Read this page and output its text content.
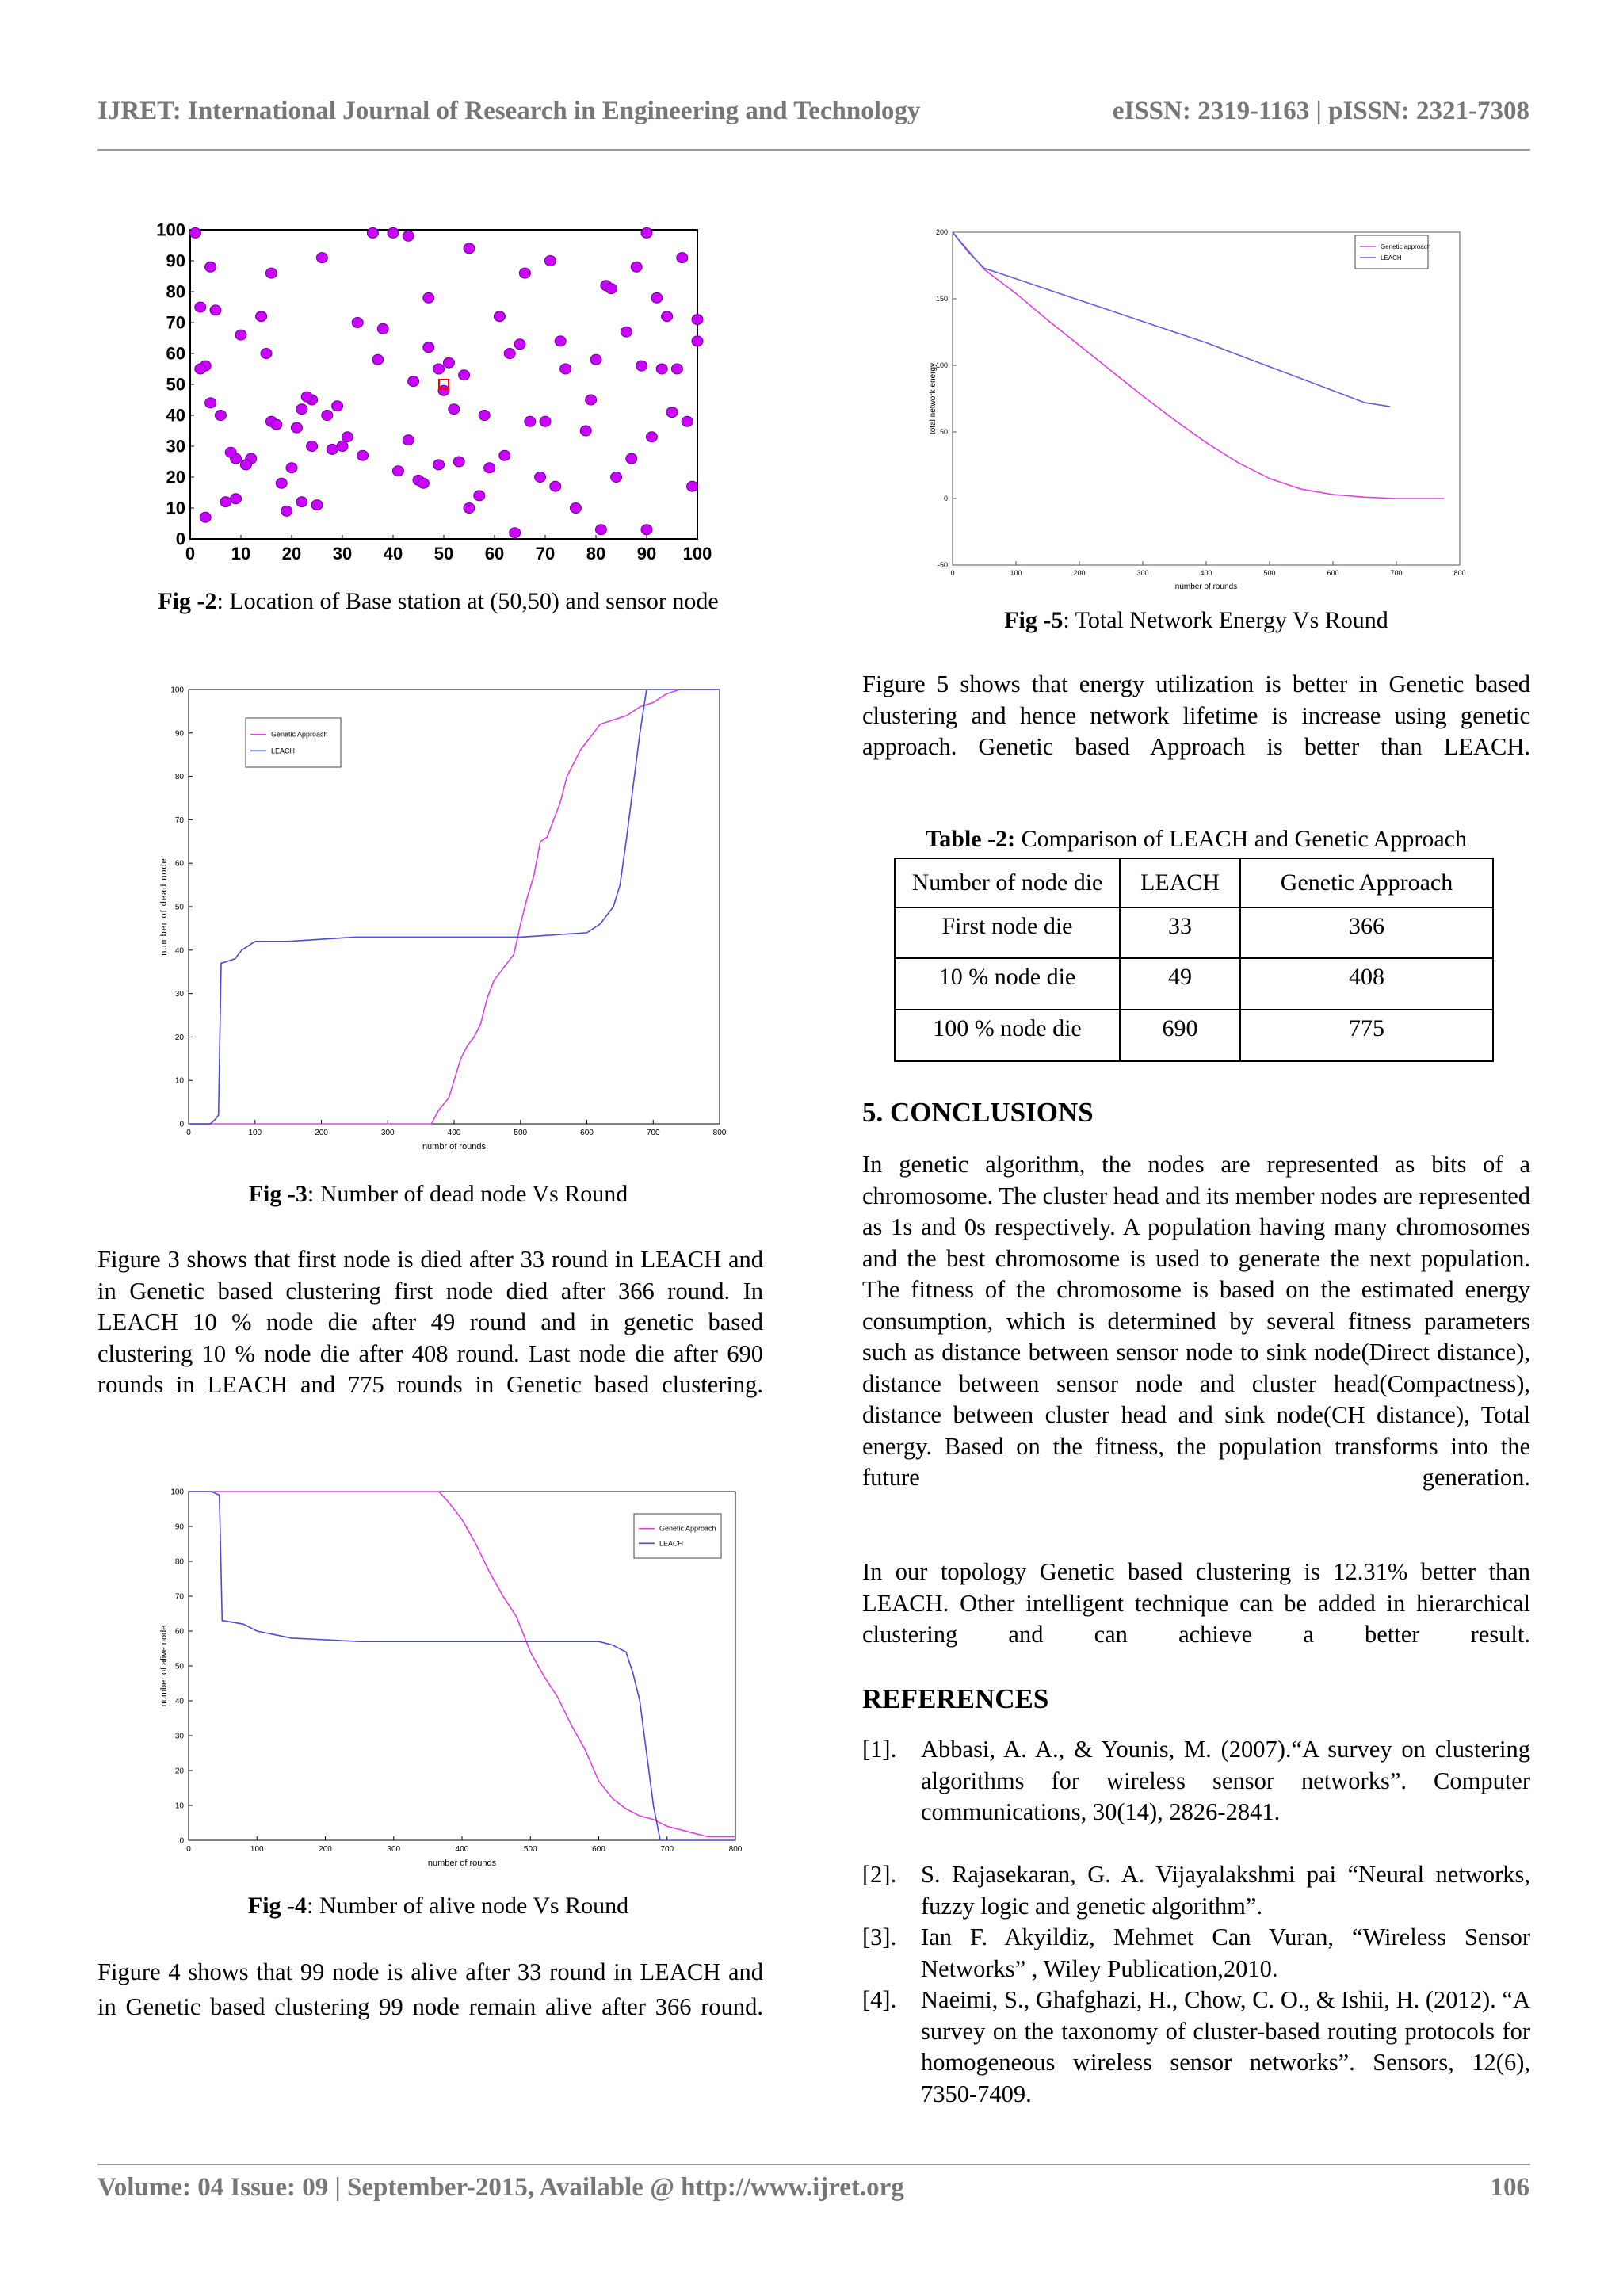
IJRET: International Journal of Research in Engineering and Technology	eISSN: 2319-1163 | pISSN: 2321-7308
0 10 20 30 40 50 60 70 80 90 100
0
10
20
30
40
50
60
70
80
90
100
Fig -2: Location of Base station at (50,50) and sensor node
0	100	200	300	400	500	600	700	800
0
10
20
30
40
50
60
70
80
90
100
numbr of rounds
number of dead node
Genetic Approach
LEACH
Fig -3: Number of dead node Vs Round
Figure 3 shows that first node is died after 33 round in LEACH and in Genetic based clustering first node died after 366 round. In LEACH 10 % node die after 49 round and in genetic based clustering 10 % node die after 408 round. Last node die after 690 rounds in LEACH and 775 rounds in Genetic based clustering.
0	100	200	300	400	500	600	700	800
0
10
20
30
40
50
60
70
80
90
100
number of rounds
number of alive node
Genetic Approach
LEACH
Fig -4: Number of alive node Vs Round
Figure 4 shows that 99 node is alive after 33 round in LEACH and in Genetic based clustering 99 node remain alive after 366 round.
0	100	200	300	400	500	600	700	800
-50
0
50
100
150
200
number of rounds
total network energy
Genetic approach
LEACH
Fig -5: Total Network Energy Vs Round
Figure 5 shows that energy utilization is better in Genetic based clustering and hence network lifetime is increase using genetic approach. Genetic based Approach is better than LEACH.
Table -2: Comparison of LEACH and Genetic Approach
Number of node die	LEACH	Genetic Approach
First node die	33	366
10 % node die	49	408
100 % node die	690	775
5. CONCLUSIONS
In genetic algorithm, the nodes are represented as bits of a chromosome. The cluster head and its member nodes are represented as 1s and 0s respectively. A population having many chromosomes and the best chromosome is used to generate the next population. The fitness of the chromosome is based on the estimated energy consumption, which is determined by several fitness parameters such as distance between sensor node to sink node(Direct distance), distance between sensor node and cluster head(Compactness), distance between cluster head and sink node(CH distance), Total energy. Based on the fitness, the population transforms into the future generation.
In our topology Genetic based clustering is 12.31% better than LEACH. Other intelligent technique can be added in hierarchical clustering and can achieve a better result.
REFERENCES
[1]. Abbasi, A. A., & Younis, M. (2007).“A survey on clustering algorithms for wireless sensor networks”. Computer communications, 30(14), 2826-2841.
[2]. S. Rajasekaran, G. A. Vijayalakshmi pai “Neural networks, fuzzy logic and genetic algorithm”.
[3]. Ian F. Akyildiz, Mehmet Can Vuran, “Wireless Sensor Networks” , Wiley Publication,2010.
[4]. Naeimi, S., Ghafghazi, H., Chow, C. O., & Ishii, H. (2012). “A survey on the taxonomy of cluster-based routing protocols for homogeneous wireless sensor networks”. Sensors, 12(6), 7350-7409.
Volume: 04 Issue: 09 | September-2015, Available @ http://www.ijret.org	106
